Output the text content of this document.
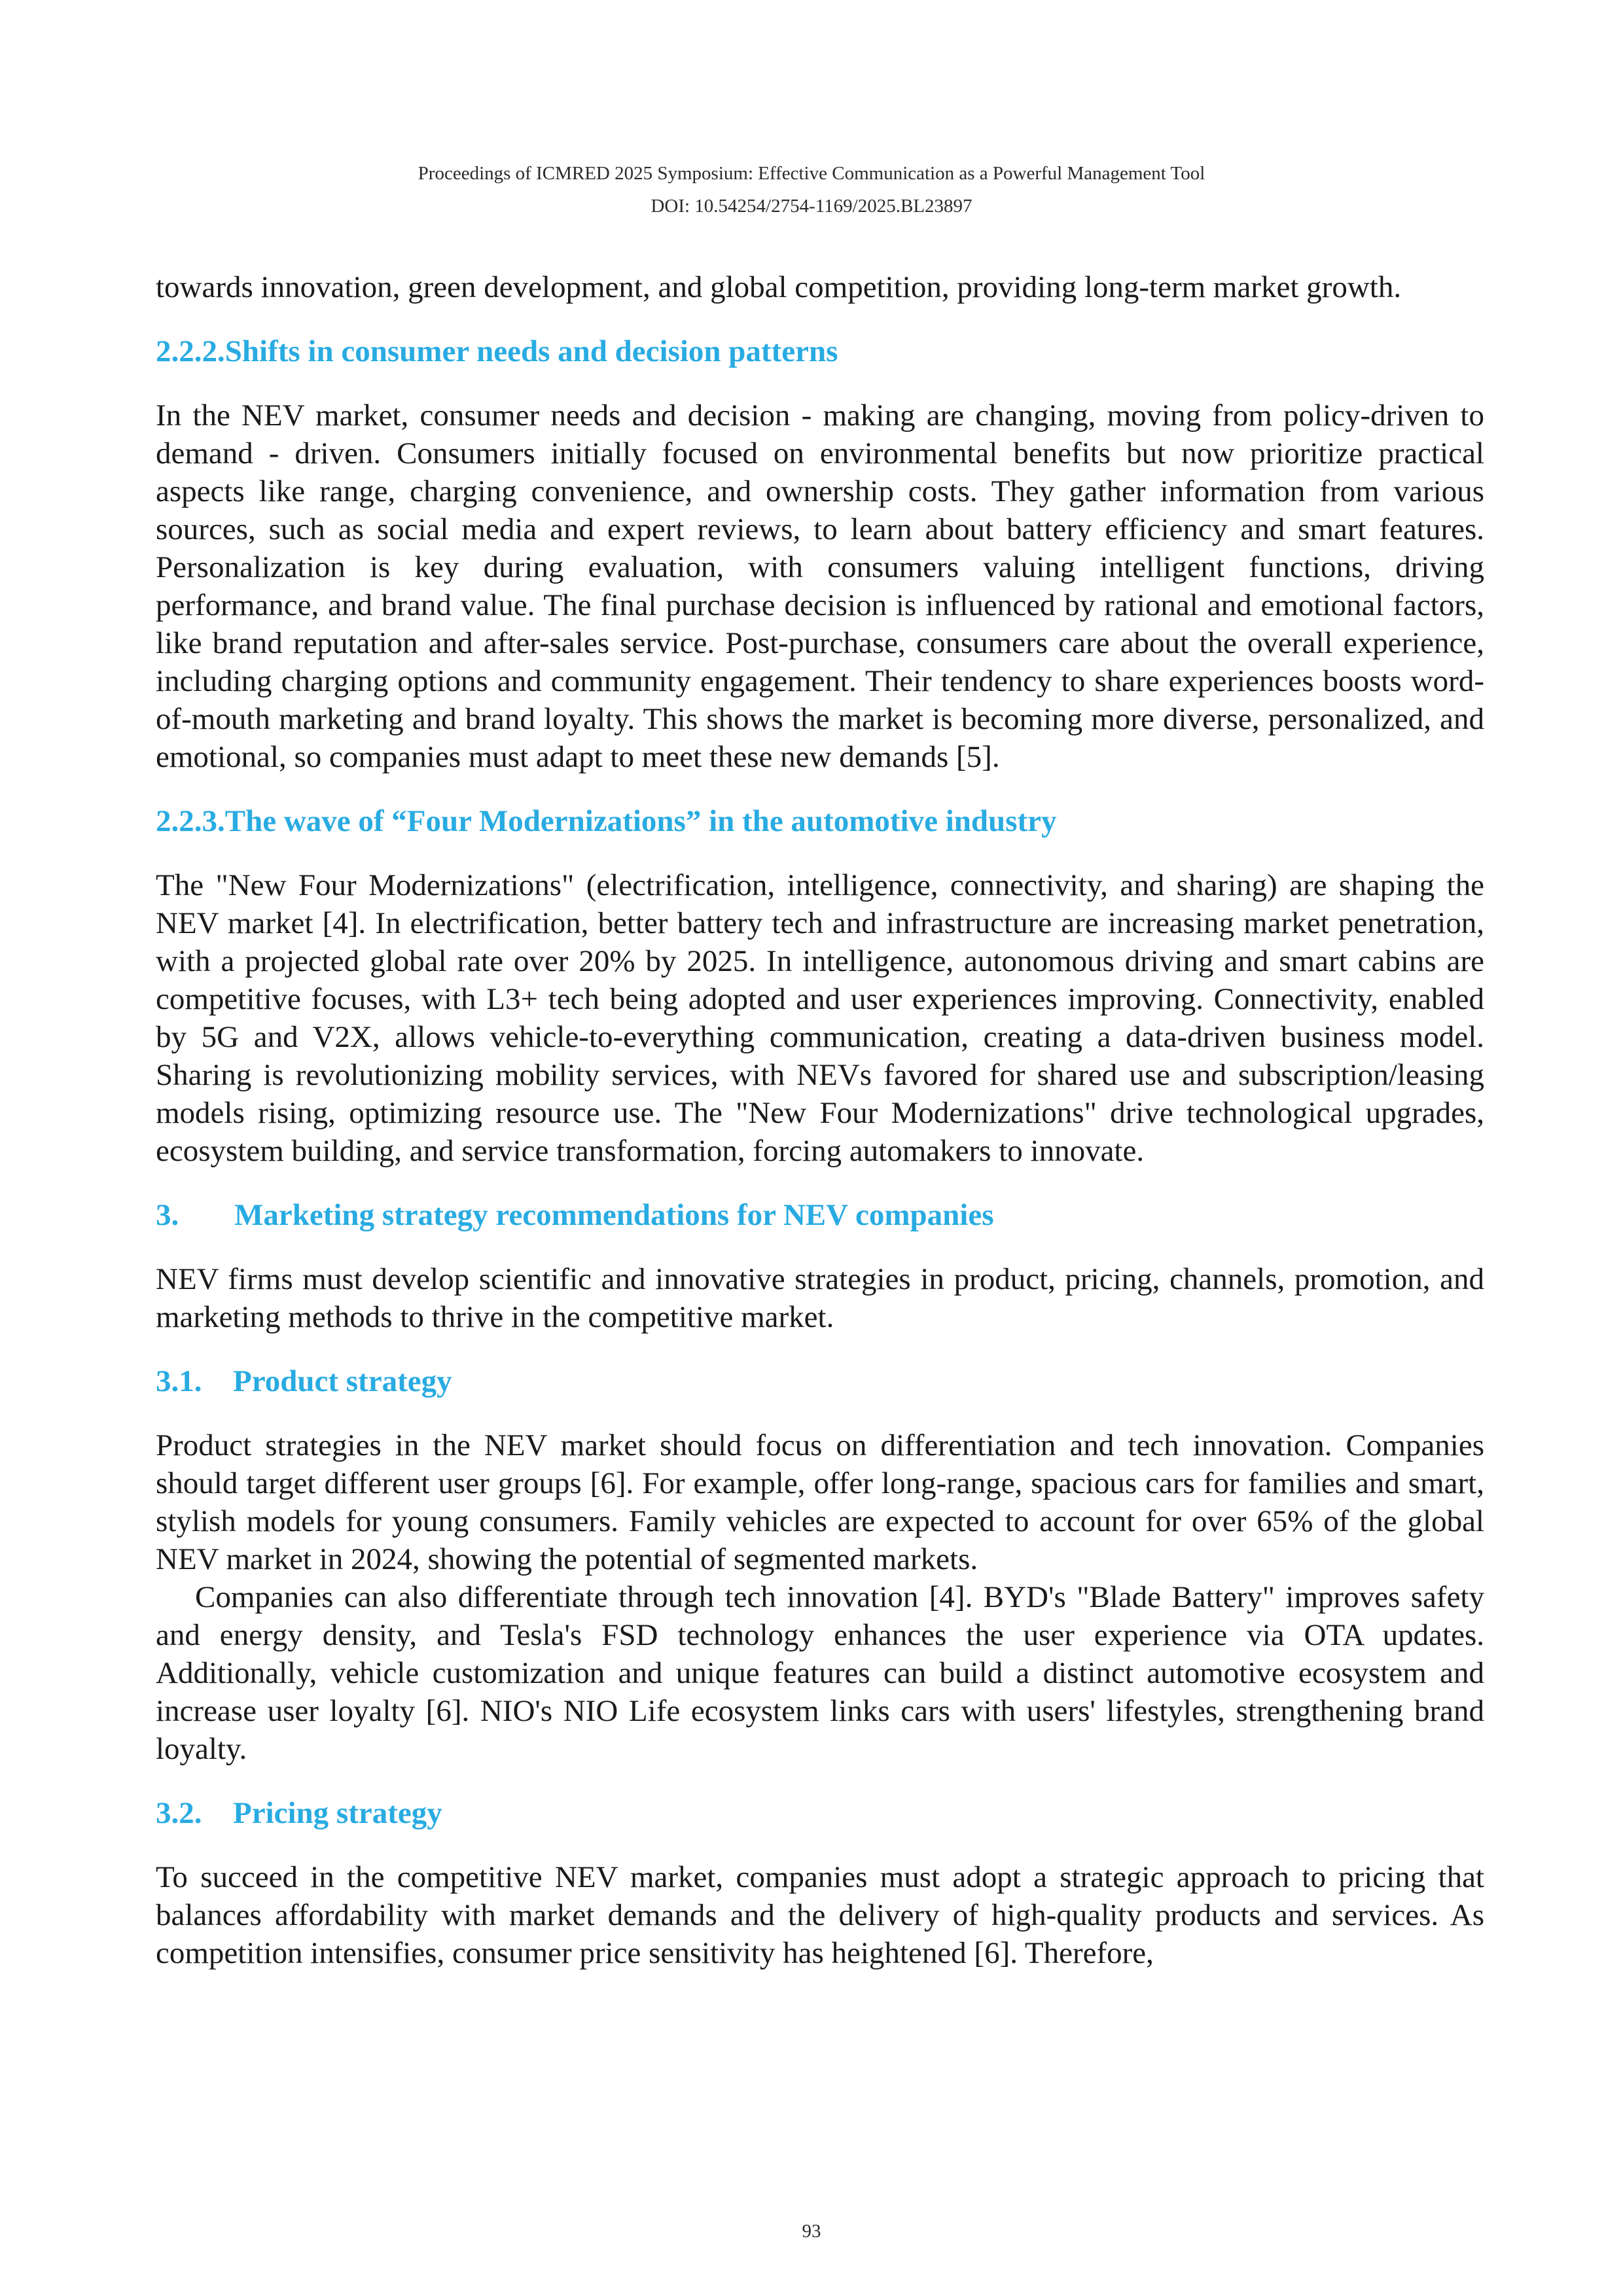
Proceedings of ICMRED 2025 Symposium: Effective Communication as a Powerful Management Tool
DOI: 10.54254/2754-1169/2025.BL23897

towards innovation, green development, and global competition, providing long-term market growth.

2.2.2. Shifts in consumer needs and decision patterns

In the NEV market, consumer needs and decision - making are changing, moving from policy-driven to demand - driven. Consumers initially focused on environmental benefits but now prioritize practical aspects like range, charging convenience, and ownership costs. They gather information from various sources, such as social media and expert reviews, to learn about battery efficiency and smart features. Personalization is key during evaluation, with consumers valuing intelligent functions, driving performance, and brand value. The final purchase decision is influenced by rational and emotional factors, like brand reputation and after-sales service. Post-purchase, consumers care about the overall experience, including charging options and community engagement. Their tendency to share experiences boosts word-of-mouth marketing and brand loyalty. This shows the market is becoming more diverse, personalized, and emotional, so companies must adapt to meet these new demands [5].

2.2.3. The wave of “Four Modernizations” in the automotive industry

The "New Four Modernizations" (electrification, intelligence, connectivity, and sharing) are shaping the NEV market [4]. In electrification, better battery tech and infrastructure are increasing market penetration, with a projected global rate over 20% by 2025. In intelligence, autonomous driving and smart cabins are competitive focuses, with L3+ tech being adopted and user experiences improving. Connectivity, enabled by 5G and V2X, allows vehicle-to-everything communication, creating a data-driven business model. Sharing is revolutionizing mobility services, with NEVs favored for shared use and subscription/leasing models rising, optimizing resource use. The "New Four Modernizations" drive technological upgrades, ecosystem building, and service transformation, forcing automakers to innovate.

3.	Marketing strategy recommendations for NEV companies

NEV firms must develop scientific and innovative strategies in product, pricing, channels, promotion, and marketing methods to thrive in the competitive market.

3.1.	Product strategy

Product strategies in the NEV market should focus on differentiation and tech innovation. Companies should target different user groups [6]. For example, offer long-range, spacious cars for families and smart, stylish models for young consumers. Family vehicles are expected to account for over 65% of the global NEV market in 2024, showing the potential of segmented markets.

Companies can also differentiate through tech innovation [4]. BYD's "Blade Battery" improves safety and energy density, and Tesla's FSD technology enhances the user experience via OTA updates. Additionally, vehicle customization and unique features can build a distinct automotive ecosystem and increase user loyalty [6]. NIO's NIO Life ecosystem links cars with users' lifestyles, strengthening brand loyalty.

3.2.	Pricing strategy

To succeed in the competitive NEV market, companies must adopt a strategic approach to pricing that balances affordability with market demands and the delivery of high-quality products and services. As competition intensifies, consumer price sensitivity has heightened [6]. Therefore,

93
